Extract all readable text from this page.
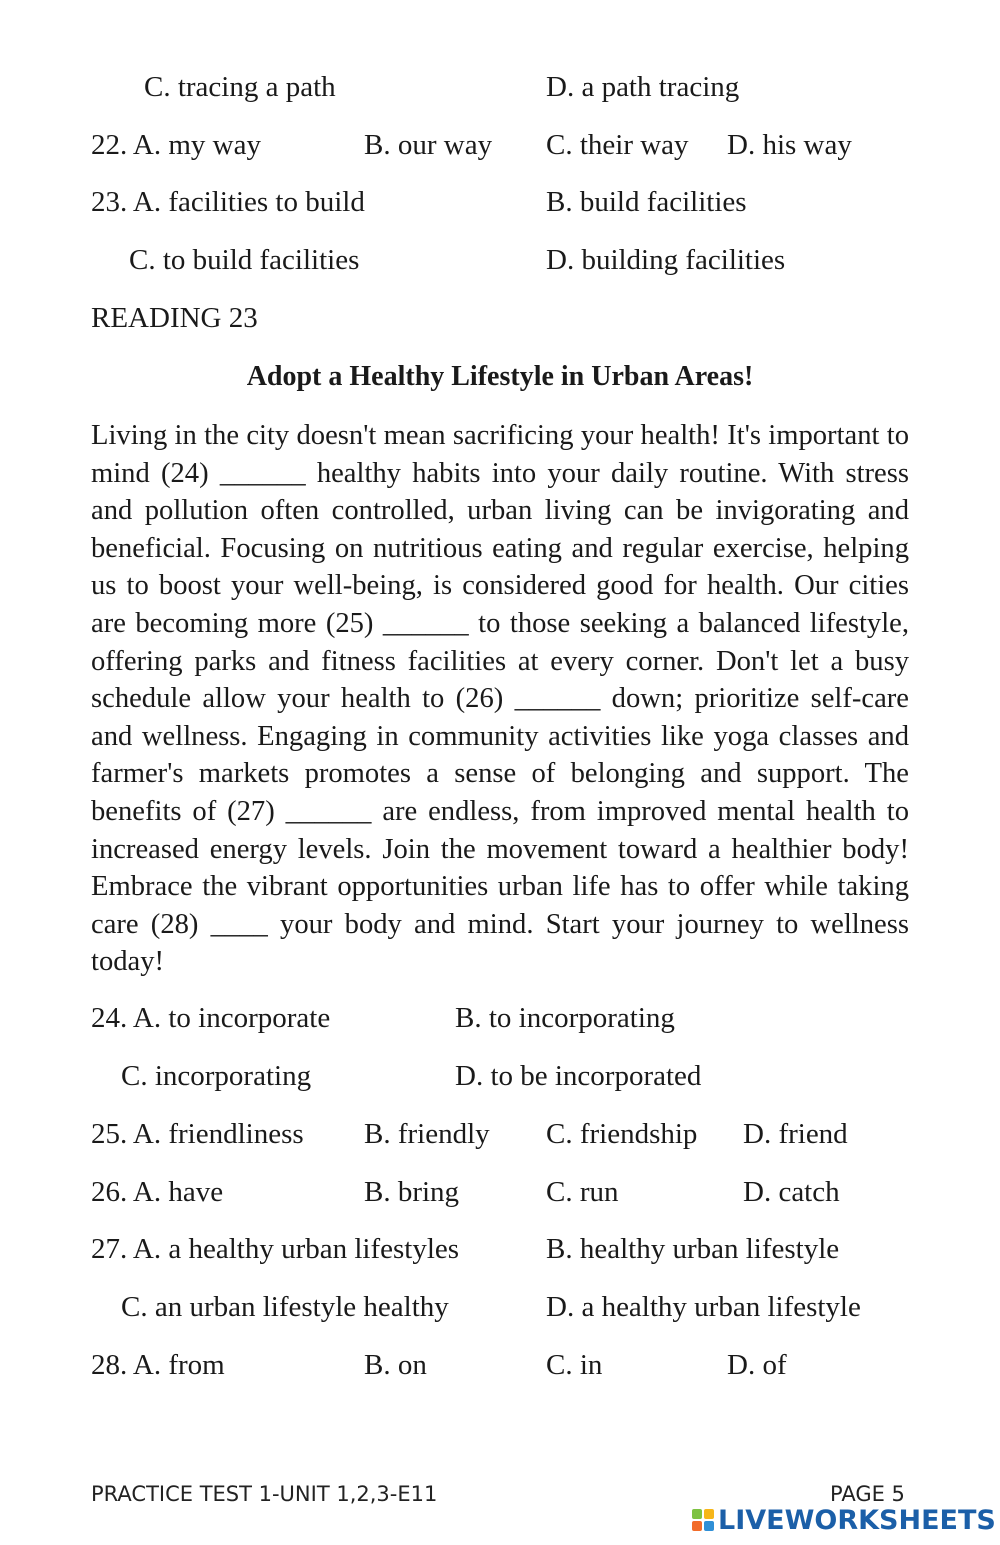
C. tracing a path	D. a path tracing
22. A. my way	B. our way C. their way D. his way
23. A. facilities to build	B. build facilities
C. to build facilities	D. building facilities
READING 23
Adopt a Healthy Lifestyle in Urban Areas!

Living in the city doesn't mean sacrificing your health! It's important to mind (24) ______ healthy habits into your daily routine. With stress and pollution often controlled, urban living can be invigorating and beneficial. Focusing on nutritious eating and regular exercise, helping us to boost your well-being, is considered good for health. Our cities are becoming more (25) ______ to those seeking a balanced lifestyle, offering parks and fitness facilities at every corner. Don't let a busy schedule allow your health to (26) ______ down; prioritize self-care and wellness. Engaging in community activities like yoga classes and farmer's markets promotes a sense of belonging and support. The benefits of (27) ______ are endless, from improved mental health to increased energy levels. Join the movement toward a healthier body! Embrace the vibrant opportunities urban life has to offer while taking care (28) ____ your body and mind. Start your journey to wellness today!

24. A. to incorporate	B. to incorporating
C. incorporating	D. to be incorporated
25. A. friendliness B. friendly C. friendship D. friend
26. A. have	B. bring	C. run	D. catch
27. A. a healthy urban lifestyles	B. healthy urban lifestyle
C. an urban lifestyle healthy	D. a healthy urban lifestyle
28. A. from	B. on	C. in	D. of
PRACTICE TEST 1-UNIT 1,2,3-E11	PAGE 5
LIVEWORKSHEETS
